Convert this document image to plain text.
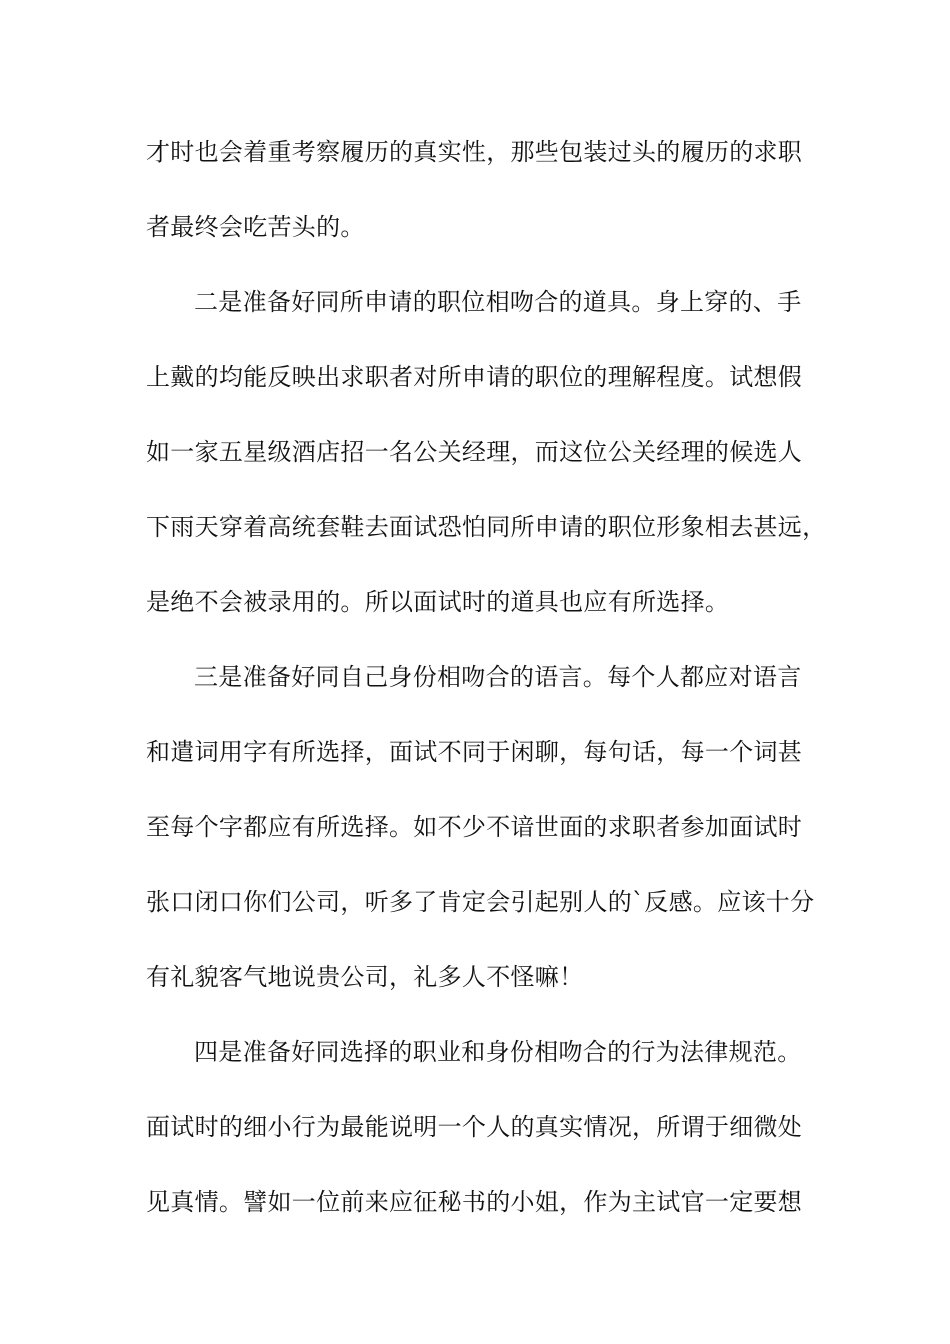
才时也会着重考察履历的真实性，那些包装过头的履历的求职
者最终会吃苦头的。
二是准备好同所申请的职位相吻合的道具。身上穿的、手
上戴的均能反映出求职者对所申请的职位的理解程度。试想假
如一家五星级酒店招一名公关经理，而这位公关经理的候选人
下雨天穿着高统套鞋去面试恐怕同所申请的职位形象相去甚远，
是绝不会被录用的。所以面试时的道具也应有所选择。
三是准备好同自己身份相吻合的语言。每个人都应对语言
和遣词用字有所选择，面试不同于闲聊，每句话，每一个词甚
至每个字都应有所选择。如不少不谙世面的求职者参加面试时
张口闭口你们公司，听多了肯定会引起别人的`反感。应该十分
有礼貌客气地说贵公司，礼多人不怪嘛！
四是准备好同选择的职业和身份相吻合的行为法律规范。
面试时的细小行为最能说明一个人的真实情况，所谓于细微处
见真情。譬如一位前来应征秘书的小姐，作为主试官一定要想
